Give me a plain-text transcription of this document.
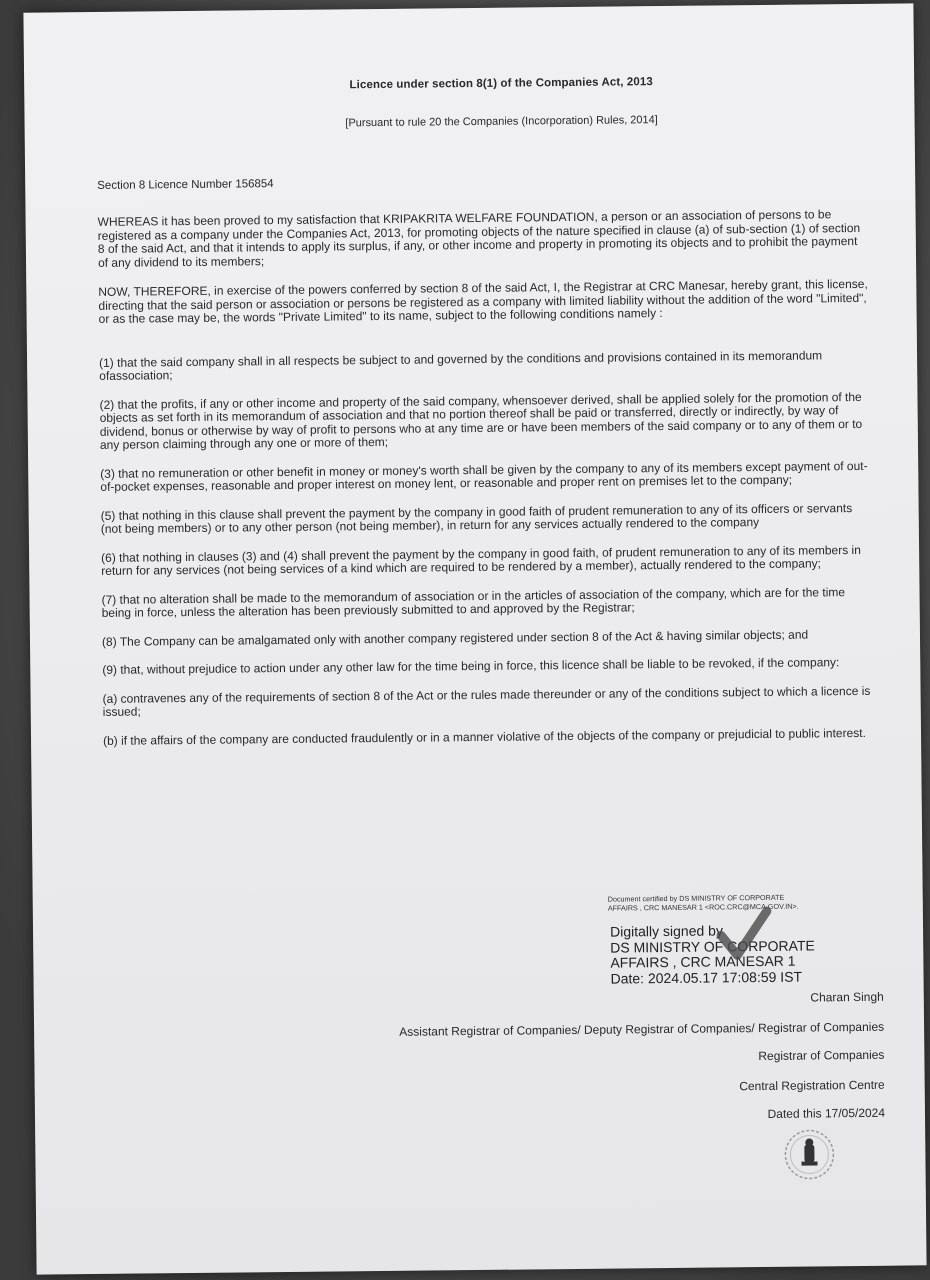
Licence under section 8(1) of the Companies Act, 2013
[Pursuant to rule 20 the Companies (Incorporation) Rules, 2014]
Section 8 Licence Number 156854

WHEREAS it has been proved to my satisfaction that KRIPAKRITA WELFARE FOUNDATION, a person or an association of persons to be registered as a company under the Companies Act, 2013, for promoting objects of the nature specified in clause (a) of sub-section (1) of section 8 of the said Act, and that it intends to apply its surplus, if any, or other income and property in promoting its objects and to prohibit the payment of any dividend to its members;

NOW, THEREFORE, in exercise of the powers conferred by section 8 of the said Act, I, the Registrar at CRC Manesar, hereby grant, this license, directing that the said person or association or persons be registered as a company with limited liability without the addition of the word "Limited", or as the case may be, the words "Private Limited" to its name, subject to the following conditions namely :

(1) that the said company shall in all respects be subject to and governed by the conditions and provisions contained in its memorandum ofassociation;

(2) that the profits, if any or other income and property of the said company, whensoever derived, shall be applied solely for the promotion of the objects as set forth in its memorandum of association and that no portion thereof shall be paid or transferred, directly or indirectly, by way of dividend, bonus or otherwise by way of profit to persons who at any time are or have been members of the said company or to any of them or to any person claiming through any one or more of them;

(3) that no remuneration or other benefit in money or money's worth shall be given by the company to any of its members except payment of out-of-pocket expenses, reasonable and proper interest on money lent, or reasonable and proper rent on premises let to the company;

(5) that nothing in this clause shall prevent the payment by the company in good faith of prudent remuneration to any of its officers or servants (not being members) or to any other person (not being member), in return for any services actually rendered to the company

(6) that nothing in clauses (3) and (4) shall prevent the payment by the company in good faith, of prudent remuneration to any of its members in return for any services (not being services of a kind which are required to be rendered by a member), actually rendered to the company;

(7) that no alteration shall be made to the memorandum of association or in the articles of association of the company, which are for the time being in force, unless the alteration has been previously submitted to and approved by the Registrar;

(8) The Company can be amalgamated only with another company registered under section 8 of the Act & having similar objects; and

(9) that, without prejudice to action under any other law for the time being in force, this licence shall be liable to be revoked, if the company:

(a) contravenes any of the requirements of section 8 of the Act or the rules made thereunder or any of the conditions subject to which a licence is issued;

(b) if the affairs of the company are conducted fraudulently or in a manner violative of the objects of the company or prejudicial to public interest.

Document certified by DS MINISTRY OF CORPORATE
AFFAIRS , CRC MANESAR 1 <ROC.CRC@MCA.GOV.IN>.
Digitally signed by
DS MINISTRY OF CORPORATE
AFFAIRS , CRC MANESAR 1
Date: 2024.05.17 17:08:59 IST
Charan Singh
Assistant Registrar of Companies/ Deputy Registrar of Companies/ Registrar of Companies
Registrar of Companies
Central Registration Centre
Dated this 17/05/2024
